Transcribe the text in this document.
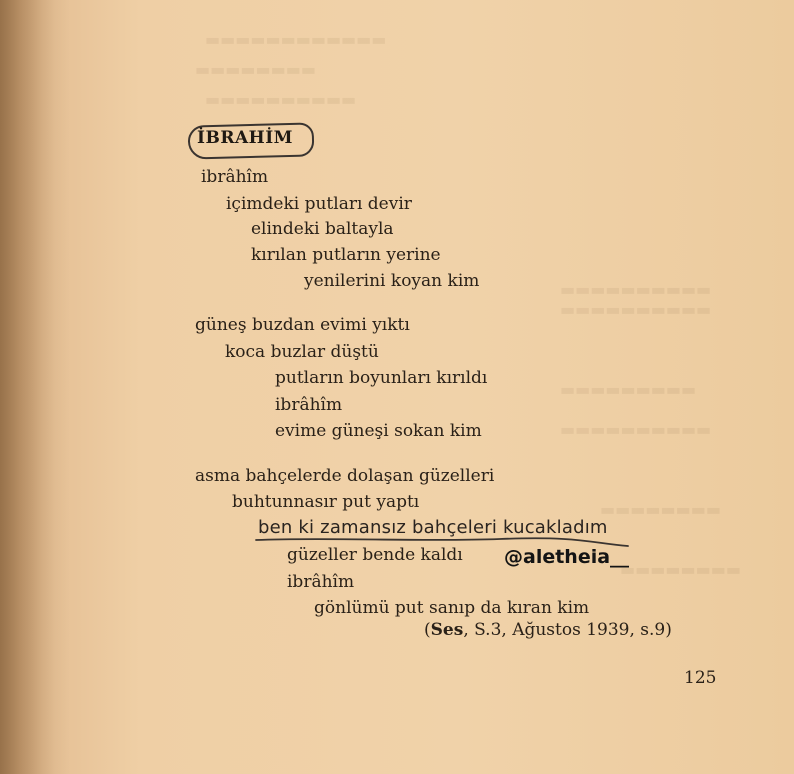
▬▬▬▬▬▬▬▬▬▬▬▬
▬▬▬▬▬▬▬▬
▬▬▬▬▬▬▬▬▬▬
▬▬▬▬▬▬▬▬▬▬
▬▬▬▬▬▬▬▬▬▬
▬▬▬▬▬▬▬▬▬
▬▬▬▬▬▬▬▬▬▬
▬▬▬▬▬▬▬▬
▬▬▬▬▬▬▬▬
İBRAHİM
ibrâhîm
içimdeki putları devir
elindeki baltayla
kırılan putların yerine
yenilerini koyan kim
güneş buzdan evimi yıktı
koca buzlar düştü
putların boyunları kırıldı
ibrâhîm
evime güneşi sokan kim
asma bahçelerde dolaşan güzelleri
buhtunnasır put yaptı
ben ki zamansız bahçeleri kucakladım
güzeller bende kaldı
ibrâhîm
gönlümü put sanıp da kıran kim
@aletheia__
(Ses, S.3, Ağustos 1939, s.9)
125
